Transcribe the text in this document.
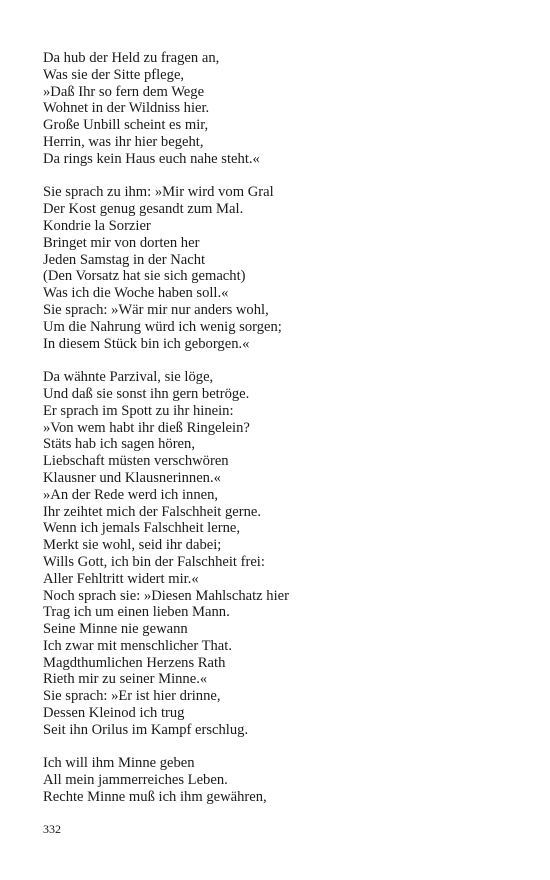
Da hub der Held zu fragen an,
Was sie der Sitte pflege,
»Daß Ihr so fern dem Wege
Wohnet in der Wildniss hier.
Große Unbill scheint es mir,
Herrin, was ihr hier begeht,
Da rings kein Haus euch nahe steht.«
Sie sprach zu ihm: »Mir wird vom Gral
Der Kost genug gesandt zum Mal.
Kondrie la Sorzier
Bringet mir von dorten her
Jeden Samstag in der Nacht
(Den Vorsatz hat sie sich gemacht)
Was ich die Woche haben soll.«
Sie sprach: »Wär mir nur anders wohl,
Um die Nahrung würd ich wenig sorgen;
In diesem Stück bin ich geborgen.«
Da wähnte Parzival, sie löge,
Und daß sie sonst ihn gern betröge.
Er sprach im Spott zu ihr hinein:
»Von wem habt ihr dieß Ringelein?
Stäts hab ich sagen hören,
Liebschaft müsten verschwören
Klausner und Klausnerinnen.«
»An der Rede werd ich innen,
Ihr zeihtet mich der Falschheit gerne.
Wenn ich jemals Falschheit lerne,
Merkt sie wohl, seid ihr dabei;
Wills Gott, ich bin der Falschheit frei:
Aller Fehltritt widert mir.«
Noch sprach sie: »Diesen Mahlschatz hier
Trag ich um einen lieben Mann.
Seine Minne nie gewann
Ich zwar mit menschlicher That.
Magdthumlichen Herzens Rath
Rieth mir zu seiner Minne.«
Sie sprach: »Er ist hier drinne,
Dessen Kleinod ich trug
Seit ihn Orilus im Kampf erschlug.
Ich will ihm Minne geben
All mein jammerreiches Leben.
Rechte Minne muß ich ihm gewähren,
332
